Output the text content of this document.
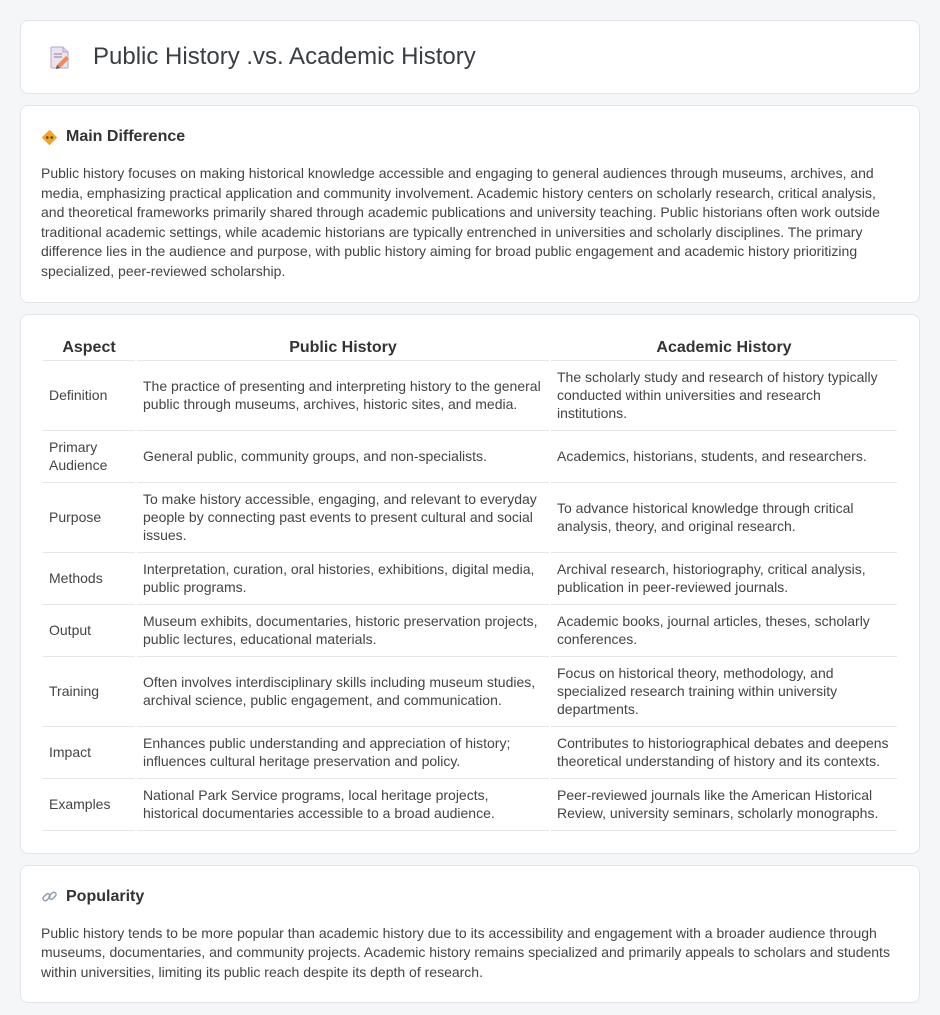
Public History .vs. Academic History
Main Difference

Public history focuses on making historical knowledge accessible and engaging to general audiences through museums, archives, and media, emphasizing practical application and community involvement. Academic history centers on scholarly research, critical analysis, and theoretical frameworks primarily shared through academic publications and university teaching. Public historians often work outside traditional academic settings, while academic historians are typically entrenched in universities and scholarly disciplines. The primary difference lies in the audience and purpose, with public history aiming for broad public engagement and academic history prioritizing specialized, peer-reviewed scholarship.

Aspect	Public History	Academic History
Definition	The practice of presenting and interpreting history to the general public through museums, archives, historic sites, and media.	The scholarly study and research of history typically conducted within universities and research institutions.
Primary Audience	General public, community groups, and non-specialists.	Academics, historians, students, and researchers.
Purpose	To make history accessible, engaging, and relevant to everyday people by connecting past events to present cultural and social issues.	To advance historical knowledge through critical analysis, theory, and original research.
Methods	Interpretation, curation, oral histories, exhibitions, digital media, public programs.	Archival research, historiography, critical analysis, publication in peer-reviewed journals.
Output	Museum exhibits, documentaries, historic preservation projects, public lectures, educational materials.	Academic books, journal articles, theses, scholarly conferences.
Training	Often involves interdisciplinary skills including museum studies, archival science, public engagement, and communication.	Focus on historical theory, methodology, and specialized research training within university departments.
Impact	Enhances public understanding and appreciation of history; influences cultural heritage preservation and policy.	Contributes to historiographical debates and deepens theoretical understanding of history and its contexts.
Examples	National Park Service programs, local heritage projects, historical documentaries accessible to a broad audience.	Peer-reviewed journals like the American Historical Review, university seminars, scholarly monographs.
Popularity

Public history tends to be more popular than academic history due to its accessibility and engagement with a broader audience through museums, documentaries, and community projects. Academic history remains specialized and primarily appeals to scholars and students within universities, limiting its public reach despite its depth of research.
